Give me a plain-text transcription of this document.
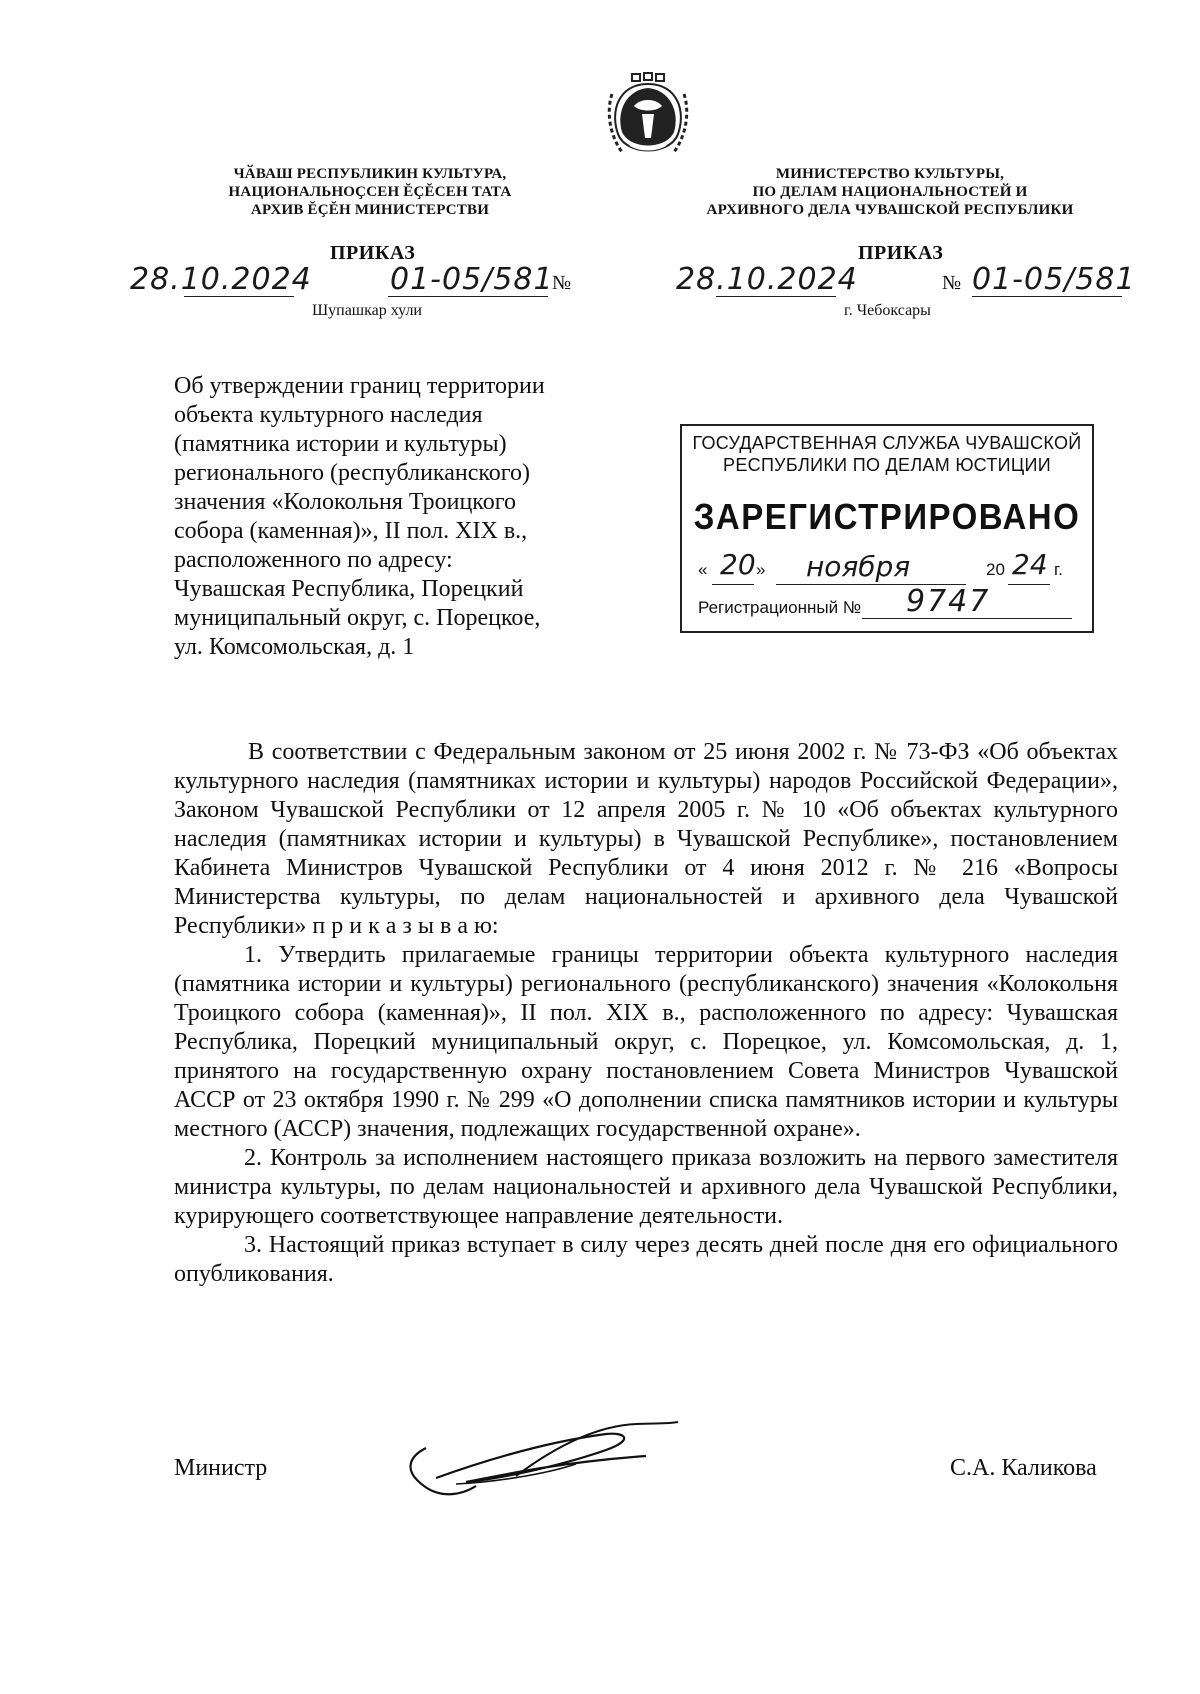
ЧӐВАШ РЕСПУБЛИКИН КУЛЬТУРА,
НАЦИОНАЛЬНОҪСЕН ĔҪĔСЕН ТАТА
АРХИВ ĔҪĔН МИНИСТЕРСТВИ
МИНИСТЕРСТВО КУЛЬТУРЫ,
ПО ДЕЛАМ НАЦИОНАЛЬНОСТЕЙ И
АРХИВНОГО ДЕЛА ЧУВАШСКОЙ РЕСПУБЛИКИ
ПРИКАЗ	ПРИКАЗ
28.10.2024	01-05/581
№
Шупашкар хули
28.10.2024	№ 01-05/581
г. Чебоксары

Об утверждении границ территории

объекта культурного наследия

(памятника истории и культуры)

регионального (республиканского)

значения «Колокольня Троицкого

собора (каменная)», II пол. XIX в.,

расположенного по адресу:

Чувашская Республика, Порецкий

муниципальный округ, с. Порецкое,

ул. Комсомольская, д. 1

ГОСУДАРСТВЕННАЯ СЛУЖБА ЧУВАШСКОЙ
РЕСПУБЛИКИ ПО ДЕЛАМ ЮСТИЦИИ
ЗАРЕГИСТРИРОВАНО
« 20 » ноября	20 24 г.
Регистрационный № 9747

В соответствии с Федеральным законом от 25 июня 2002 г. № 73-ФЗ «Об объектах культурного наследия (памятниках истории и культуры) народов Российской Федерации», Законом Чувашской Республики от 12 апреля 2005 г. № 10 «Об объектах культурного наследия (памятниках истории и культуры) в Чувашской Республике», постановлением Кабинета Министров Чувашской Республики от 4 июня 2012 г. № 216 «Вопросы Министерства культуры, по делам национальностей и архивного дела Чувашской Республики» п р и к а з ы в а ю:

1. Утвердить прилагаемые границы территории объекта культурного наследия (памятника истории и культуры) регионального (республиканского) значения «Колокольня Троицкого собора (каменная)», II пол. XIX в., расположенного по адресу: Чувашская Республика, Порецкий муниципальный округ, с. Порецкое, ул. Комсомольская, д. 1, принятого на государственную охрану постановлением Совета Министров Чувашской АССР от 23 октября 1990 г. № 299 «О дополнении списка памятников истории и культуры местного (АССР) значения, подлежащих государственной охране».

2. Контроль за исполнением настоящего приказа возложить на первого заместителя министра культуры, по делам национальностей и архивного дела Чувашской Республики, курирующего соответствующее направление деятельности.

3. Настоящий приказ вступает в силу через десять дней после дня его официального опубликования.

Министр	С.А. Каликова
